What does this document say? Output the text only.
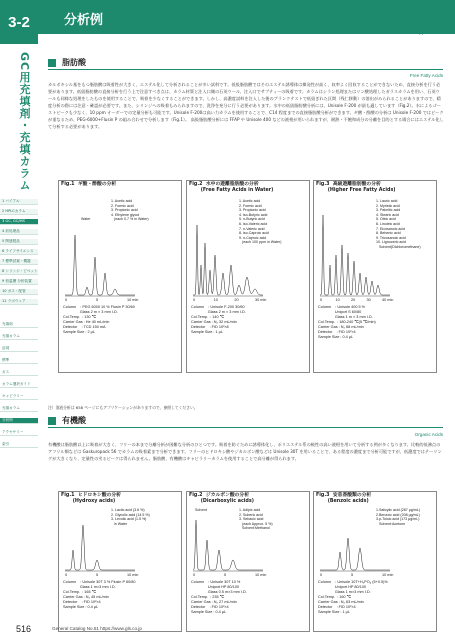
3-2
GC用充填剤・充填カラム
1 バイアル
2 HPLCカラム
3 GC, GC/MS
4 前処理品
5 関連製品
6 ライフサイエンス
7 標準試薬・機器
8 シリンジ・ピペット
9 恒温槽 分析装置
10 ガス・配管
11 ラボウェア
充填剤
充填カラム
溶剤
標準
ガス
カラム選択ガイド
キャピラリー
充填カラム
分析例
アクセサリー
索引
分析例
Applications
脂肪酸
Free Fatty Acids
カルボキシル基をもつ脂肪酸は吸着性が大きく、エステル化して分析されることが多い試料です。低級脂肪酸ではそのエステル誘導体は揮発性が高く、収率よく回収することができないため、直接分析を行う必要があります。低級脂肪酸の直接分析を行う上で注意すべき点は、カラム材質と注入口側の石英ウール、注入口でサプティーの吸着です。カラムはシラン処理またはリン酸処理したガラスカラムを用い、石英ウールも同様な処理をしたものを使用することで、吸着を少なくすることができます。しかし、高濃度試料を注入した後のブランクテストで低級ぎれた区間（残仁移動）の溶出がみられることがありますので、精度分析の際には注意・確認が必要です。また、シリンジへの吸着もみられますので、洗浄を充分に行う必要があります。水中の低級脂肪酸分析には、Unisole F-200 が最も適しています（Fig.2）。水によるゴーストピークも少なく、10 ppm オーダーでの定量分析も可能です。Unisole F-200は高い力カラムを使用することで、C14 程度までの直接脂肪酸分析ができます。ギ酸・酢酸の分析は Unisole F-200 ではピークが重なるため、PEG-6000+Flusin P の組み合わせで分析します（Fig.1）。 高級脂肪酸分析には FFAP や Unisole 400 などの液相が用いられますが、耐熱・不飽和成分の分離を目的とする場合にはエステル化して分析する必要があります。
Fig.1  ギ酸・酢酸の分析
0	5	10 min
1. Acetic acid
2. Formic acid
3. Propionic acid
4. Ethylene glycol
(each 0.7 % in Water)
Water
Column    : PEG 6000 10 % Flusin P 30/60
Glass 2 m × 3 mm I.D.
Col.Temp.  : 130 ℃
Carrier Gas : He 40 mL/min
Detector    : TCD 150 mA
Sample Size : 2 μL
Fig.2  水中の遊離脂肪酸の分析
(Free Fatty Acids in Water)
0	10	20	30 min
1. Acetic acid
2. Formic acid
3. Propionic acid
4. iso-Butyric acid
5. n-Butyric acid
6. iso-Valeric acid
7. n-Valeric acid
8. iso-Caproic acid
9. n-Caproic acid
(each 100 ppm in Water)
Column    : Unisole F-200 30/60
Glass 2 m × 3 mm I.D.
Col.Temp.  : 140 ℃
Carrier Gas : N₂ 32 mL/min
Detector    : FID 10²×8
Sample Size : 1 μL
Fig.3  高級遊離脂肪酸の分析
(Higher Free Fatty Acids)
0	10	20	30	40 min
1. Lauric acid
2. Myristic acid
3. Palmitic acid
4. Stearic acid
5. Oleic acid
6. Linoleic acid
7. Eicosanoic acid
8. Behenic acid
9. Tricosanoic acid
10. Lignoceric acid
Solvent(Dichloromethane)
Column    : Unisole 400 5 %
Uniport S 60/80
Glass 1 m × 3 mm I.D.
Col.Temp.  : 180-240 ℃(5 ℃/min)
Carrier Gas : N₂ 68 mL/min
Detector    : FID 10²×4
Sample Size : 0.4 μL
注）溶液分析は 658 ページにもアプリケーションがありますので、参照してください。
有機酸
Organic Acids
有機酸は脂肪酸以上に吸着が大きく、フリーの本まで分離分析が困難な分析のひとつです。吸着を防ぐために誘導体化し、ポリエステル系の極性の高い液相を用いて分析する例が多くなります。比較的低沸点のアフリル類などは Gaskuropack 56 でカラムの吸着素まで分析できます。フリーのヒドロキシ酸やジカルボン酸などは Unisole 30T を用いることで、ある程度の濃度まで分析可能ですが、低濃度ではテーリングが大きくなり、定量性の劣るピークは得られません。脂肪酸、有機酸はキャピラリーカラムを使用することで高分離が得られます。
Fig.1  ヒドロキシ酸の分析
(Hydroxy acids)
0	5	10 min
1. Lactic acid (3.6 %)
2. Glycolic acid (14.5 %)
3. Levulic acid (1.5 %)
in Water
Column    : Unisole 30T 3 % Flusin P 60/80
Glass 1 m×3 mm I.D.
Col.Temp.  : 165 ℃
Carrier Gas : N₂ 45 mL/min
Detector    : FID 10²×4
Sample Size : 0.4 μL
Fig.2  ジカルボン酸の分析
(Dicarboxylic acids)
0	5	10 min
1. Adipic acid
2. Suberic acid
3. Sebacic acid
(each Approx. 5 %)
Solvent:Methanol
Solvent
Column    : Unisole 30T 10 %
Uniport HP 80/100
Glass 0.5 m×3 mm I.D.
Col.Temp.  : 235 ℃
Carrier Gas : N₂ 27 mL/min
Detector    : FID 10²×4
Sample Size : 0.4 μL
Fig.3  安息香酸類の分析
(Benzoic acids)
0	5	10 min
1.Salicylic acid (287 μg/mL)
2.Benzoic acid (208 μg/mL)
3.p-Toluic acid (173 μg/mL)
Solvent:Acetone
Column    : Unisole 10T+H₃PO₄ (5+0.5)%
Uniport HP 80/100
Glass 1 m×3 mm I.D.
Col.Temp.  : 160 ℃
Carrier Gas : N₂ 63 mL/min
Detector    : FID 10²×4
Sample Size : 1 μL
516	General Catalog No.51 https://www.gls.co.jp
